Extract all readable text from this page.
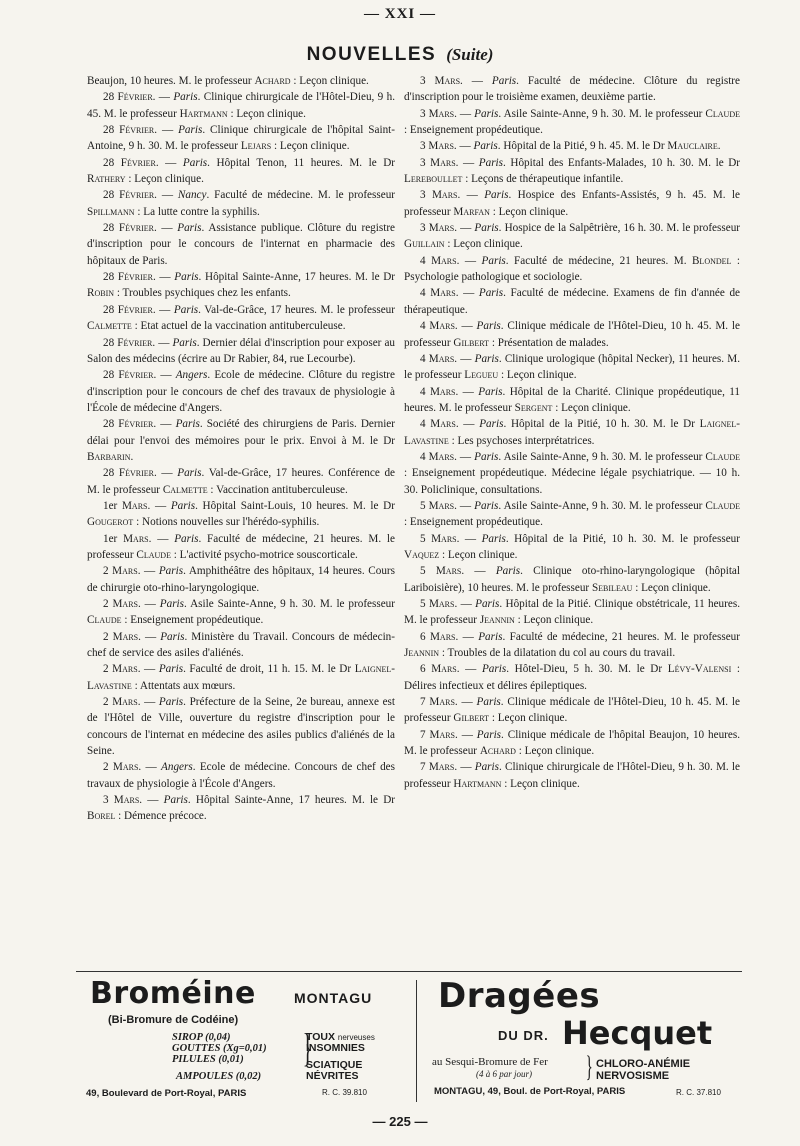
— XXI —
NOUVELLES (Suite)

Beaujon, 10 heures. M. le professeur Achard : Leçon clinique.

28 Février. — Paris. Clinique chirurgicale de l'Hôtel-Dieu, 9 h. 45. M. le professeur Hartmann : Leçon clinique.

28 Février. — Paris. Clinique chirurgicale de l'hôpital Saint-Antoine, 9 h. 30. M. le professeur Lejars : Leçon clinique.

28 Février. — Paris. Hôpital Tenon, 11 heures. M. le Dr Rathery : Leçon clinique.

28 Février. — Nancy. Faculté de médecine. M. le professeur Spillmann : La lutte contre la syphilis.

28 Février. — Paris. Assistance publique. Clôture du registre d'inscription pour le concours de l'internat en pharmacie des hôpitaux de Paris.

28 Février. — Paris. Hôpital Sainte-Anne, 17 heures. M. le Dr Robin : Troubles psychiques chez les enfants.

28 Février. — Paris. Val-de-Grâce, 17 heures. M. le professeur Calmette : Etat actuel de la vaccination antituberculeuse.

28 Février. — Paris. Dernier délai d'inscription pour exposer au Salon des médecins (écrire au Dr Rabier, 84, rue Lecourbe).

28 Février. — Angers. Ecole de médecine. Clôture du registre d'inscription pour le concours de chef des travaux de physiologie à l'École de médecine d'Angers.

28 Février. — Paris. Société des chirurgiens de Paris. Dernier délai pour l'envoi des mémoires pour le prix. Envoi à M. le Dr Barbarin.

28 Février. — Paris. Val-de-Grâce, 17 heures. Conférence de M. le professeur Calmette : Vaccination antituberculeuse.

1er Mars. — Paris. Hôpital Saint-Louis, 10 heures. M. le Dr Gougerot : Notions nouvelles sur l'hérédo-syphilis.

1er Mars. — Paris. Faculté de médecine, 21 heures. M. le professeur Claude : L'activité psycho-motrice souscorticale.

2 Mars. — Paris. Amphithéâtre des hôpitaux, 14 heures. Cours de chirurgie oto-rhino-laryngologique.

2 Mars. — Paris. Asile Sainte-Anne, 9 h. 30. M. le professeur Claude : Enseignement propédeutique.

2 Mars. — Paris. Ministère du Travail. Concours de médecin-chef de service des asiles d'aliénés.

2 Mars. — Paris. Faculté de droit, 11 h. 15. M. le Dr Laignel-Lavastine : Attentats aux mœurs.

2 Mars. — Paris. Préfecture de la Seine, 2e bureau, annexe est de l'Hôtel de Ville, ouverture du registre d'inscription pour le concours de l'internat en médecine des asiles publics d'aliénés de la Seine.

2 Mars. — Angers. Ecole de médecine. Concours de chef des travaux de physiologie à l'École d'Angers.

3 Mars. — Paris. Hôpital Sainte-Anne, 17 heures. M. le Dr Borel : Démence précoce.

3 Mars. — Paris. Faculté de médecine. Clôture du registre d'inscription pour le troisième examen, deuxième partie.

3 Mars. — Paris. Asile Sainte-Anne, 9 h. 30. M. le professeur Claude : Enseignement propédeutique.

3 Mars. — Paris. Hôpital de la Pitié, 9 h. 45. M. le Dr Mauclaire.

3 Mars. — Paris. Hôpital des Enfants-Malades, 10 h. 30. M. le Dr Lereboullet : Leçons de thérapeutique infantile.

3 Mars. — Paris. Hospice des Enfants-Assistés, 9 h. 45. M. le professeur Marfan : Leçon clinique.

3 Mars. — Paris. Hospice de la Salpêtrière, 16 h. 30. M. le professeur Guillain : Leçon clinique.

4 Mars. — Paris. Faculté de médecine, 21 heures. M. Blondel : Psychologie pathologique et sociologie.

4 Mars. — Paris. Faculté de médecine. Examens de fin d'année de thérapeutique.

4 Mars. — Paris. Clinique médicale de l'Hôtel-Dieu, 10 h. 45. M. le professeur Gilbert : Présentation de malades.

4 Mars. — Paris. Clinique urologique (hôpital Necker), 11 heures. M. le professeur Legueu : Leçon clinique.

4 Mars. — Paris. Hôpital de la Charité. Clinique propédeutique, 11 heures. M. le professeur Sergent : Leçon clinique.

4 Mars. — Paris. Hôpital de la Pitié, 10 h. 30. M. le Dr Laignel-Lavastine : Les psychoses interprétatrices.

4 Mars. — Paris. Asile Sainte-Anne, 9 h. 30. M. le professeur Claude : Enseignement propédeutique. Médecine légale psychiatrique. — 10 h. 30. Policlinique, consultations.

5 Mars. — Paris. Asile Sainte-Anne, 9 h. 30. M. le professeur Claude : Enseignement propédeutique.

5 Mars. — Paris. Hôpital de la Pitié, 10 h. 30. M. le professeur Vaquez : Leçon clinique.

5 Mars. — Paris. Clinique oto-rhino-laryngologique (hôpital Lariboisière), 10 heures. M. le professeur Sebileau : Leçon clinique.

5 Mars. — Paris. Hôpital de la Pitié. Clinique obstétricale, 11 heures. M. le professeur Jeannin : Leçon clinique.

6 Mars. — Paris. Faculté de médecine, 21 heures. M. le professeur Jeannin : Troubles de la dilatation du col au cours du travail.

6 Mars. — Paris. Hôtel-Dieu, 5 h. 30. M. le Dr Lévy-Valensi : Délires infectieux et délires épileptiques.

7 Mars. — Paris. Clinique médicale de l'Hôtel-Dieu, 10 h. 45. M. le professeur Gilbert : Leçon clinique.

7 Mars. — Paris. Clinique médicale de l'hôpital Beaujon, 10 heures. M. le professeur Achard : Leçon clinique.

7 Mars. — Paris. Clinique chirurgicale de l'Hôtel-Dieu, 9 h. 30. M. le professeur Hartmann : Leçon clinique.

Broméine	MONTAGU
(Bi-Bromure de Codéine)
SIROP (0,04)
GOUTTES (Xg=0,01)
PILULES (0,01)
AMPOULES (0,02)
}
TOUX nerveuses
INSOMNIES
SCIATIQUE
NÉVRITES
49, Boulevard de Port-Royal, PARIS	R. C. 39.810
Dragées
DU DR. Hecquet
au Sesqui-Bromure de Fer
(4 à 6 par jour) } CHLORO-ANÉMIE
NERVOSISME
MONTAGU, 49, Boul. de Port-Royal, PARIS	R. C. 37.810
— 225 —
